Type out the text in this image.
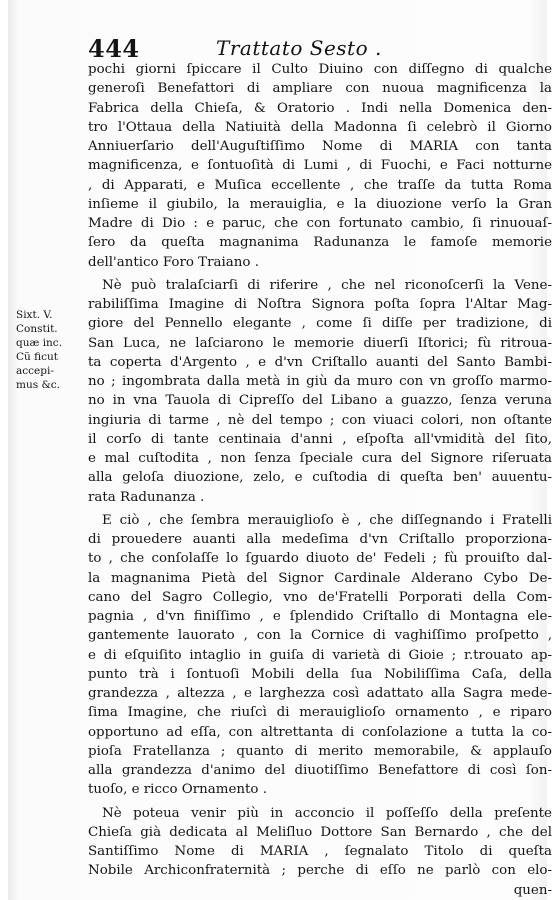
444	Trattato Sesto .
Sixt. V.
Constit.
quæ inc.
Cũ ficut
accepi-
mus &c.
pochi giorni ſpiccare il Culto Diuino con diſſegno di qualche
generoſi Benefattori di ampliare con nuoua magnificenza la
Fabrica della Chieſa, & Oratorio . Indi nella Domenica den-
tro l'Ottaua della Natiuità della Madonna ſi celebrò il Giorno
Anniuerſario dell'Auguſtiſſimo Nome di MARIA con tanta
magnificenza, e ſontuoſità di Lumi , di Fuochi, e Faci notturne
, di Apparati, e Muſica eccellente , che traſſe da tutta Roma
inſieme il giubilo, la merauiglia, e la diuozione verſo la Gran
Madre di Dio : e paruc, che con fortunato cambio, ſi rinuouaſ-
ſero da queſta magnanima Radunanza le famoſe memorie
dell'antico Foro Traiano .
Nè può tralaſciarſi di riferire , che nel riconoſcerſi la Vene-
rabiliſſima Imagine di Noſtra Signora poſta ſopra l'Altar Mag-
giore del Pennello elegante , come ſi diſſe per tradizione, di
San Luca, ne laſciarono le memorie diuerſi Iſtorici; fù ritroua-
ta coperta d'Argento , e d'vn Criſtallo auanti del Santo Bambi-
no ; ingombrata dalla metà in giù da muro con vn groſſo marmo-
no in vna Tauola di Cipreſſo del Libano a guazzo, ſenza veruna
ingiuria di tarme , nè del tempo ; con viuaci colori, non oſtante
il corſo di tante centinaia d'anni , eſpoſta all'vmidità del ſito,
e mal cuſtodita , non ſenza ſpeciale cura del Signore riſeruata
alla geloſa diuozione, zelo, e cuſtodia di queſta ben' auuentu-
rata Radunanza .
E ciò , che ſembra merauiglioſo è , che diſſegnando i Fratelli
di prouedere auanti alla medeſima d'vn Criſtallo proporziona-
to , che conſolaſſe lo ſguardo diuoto de' Fedeli ; fù prouiſto dal-
la magnanima Pietà del Signor Cardinale Alderano Cybo De-
cano del Sagro Collegio, vno de'Fratelli Porporati della Com-
pagnia , d'vn finiſſimo , e ſplendido Criſtallo di Montagna ele-
gantemente lauorato , con la Cornice di vaghiſſimo proſpetto ,
e di eſquiſito intaglio in guiſa di varietà di Gioie ; r.trouato ap-
punto trà i ſontuoſi Mobili della ſua Nobiliſſima Caſa, della
grandezza , altezza , e larghezza così adattato alla Sagra mede-
ſima Imagine, che riuſcì di merauiglioſo ornamento , e riparo
opportuno ad eſſa, con altrettanta di conſolazione a tutta la co-
pioſa Fratellanza ; quanto di merito memorabile, & applauſo
alla grandezza d'animo del diuotiſſimo Benefattore di così ſon-
tuoſo, e ricco Ornamento .
Nè poteua venir più in acconcio il poſſeſſo della preſente
Chieſa già dedicata al Meliſluo Dottore San Bernardo , che del
Santiſſimo Nome di MARIA , ſegnalato Titolo di queſta
Nobile Archiconfraternità ; perche di eſſo ne parlò con elo-
quen-
